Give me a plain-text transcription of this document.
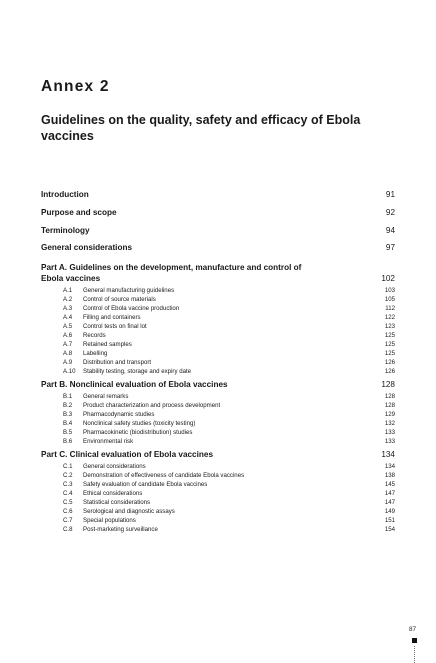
Annex 2
Guidelines on the quality, safety and efficacy of Ebola vaccines
Introduction	91
Purpose and scope	92
Terminology	94
General considerations	97
Part A. Guidelines on the development, manufacture and control of
Ebola vaccines	102
A.1 General manufacturing guidelines	103
A.2 Control of source materials	105
A.3 Control of Ebola vaccine production	112
A.4 Filling and containers	122
A.5 Control tests on final lot	123
A.6 Records	125
A.7 Retained samples	125
A.8 Labelling	125
A.9 Distribution and transport	126
A.10 Stability testing, storage and expiry date	126
Part B. Nonclinical evaluation of Ebola vaccines	128
B.1 General remarks	128
B.2 Product characterization and process development	128
B.3 Pharmacodynamic studies	129
B.4 Nonclinical safety studies (toxicity testing)	132
B.5 Pharmacokinetic (biodistribution) studies	133
B.6 Environmental risk	133
Part C. Clinical evaluation of Ebola vaccines	134
C.1 General considerations	134
C.2 Demonstration of effectiveness of candidate Ebola vaccines	138
C.3 Safety evaluation of candidate Ebola vaccines	145
C.4 Ethical considerations	147
C.5 Statistical considerations	147
C.6 Serological and diagnostic assays	149
C.7 Special populations	151
C.8 Post-marketing surveillance	154
87
